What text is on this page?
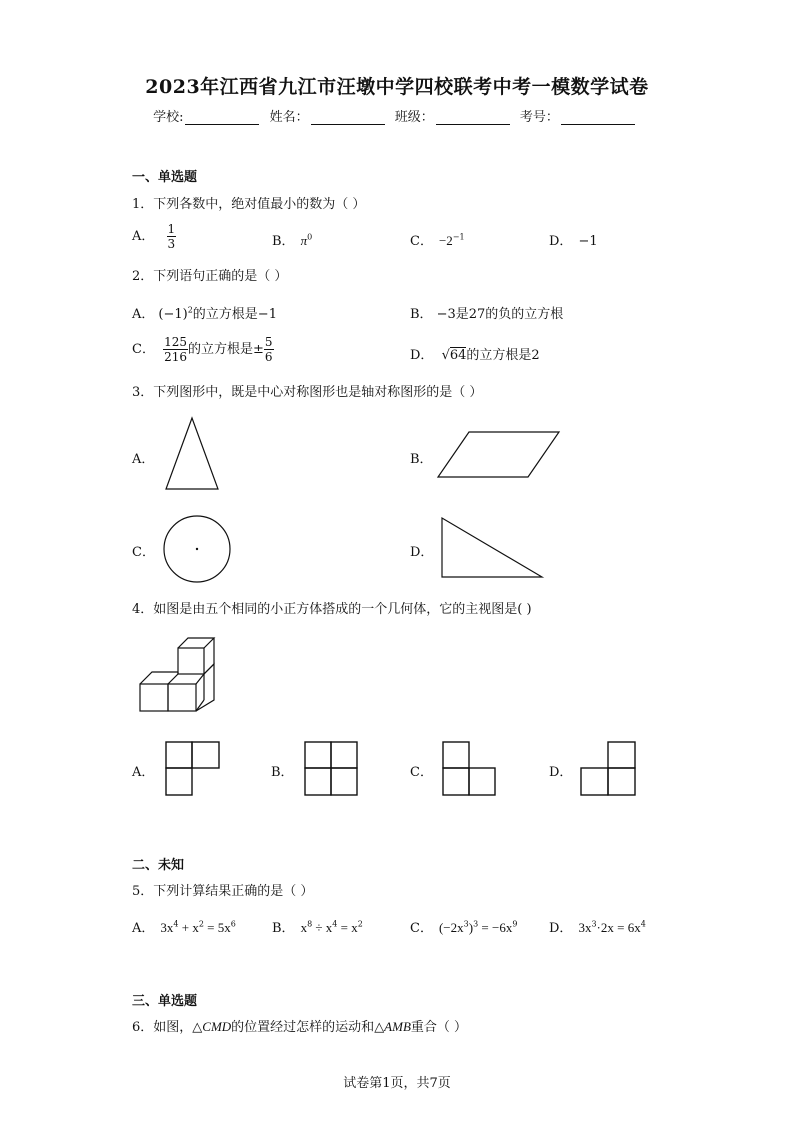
2023年江西省九江市汪墩中学四校联考中考一模数学试卷
学校:	姓名：	班级：	考号：
一、单选题
1．下列各数中，绝对值最小的数为（ ）
A． $\frac{1}{3}$	B． $\pi^0$	C． $-2^{-1}$	D． −1
2．下列语句正确的是（ ）
A． $(-1)^2$的立方根是−1	B． −3是27的负的立方根
C． $\frac{125}{216}$ 的立方根是± $\frac{5}{6}$	D． √64的立方根是2
3．下列图形中，既是中心对称图形也是轴对称图形的是（ ）
A．	B．
C．	D．
4．如图是由五个相同的小正方体搭成的一个几何体，它的主视图是( )
A．	B．	C．	D．
二、未知
5．下列计算结果正确的是（ ）
A． $3x^4 + x^2 = 5x^6$	B． $x^8 \div x^4 = x^2$	C． $(-2x^3)^3 = -6x^9$ D． $3x^3\cdot 2x = 6x^4$
三、单选题
6．如图，△CMD的位置经过怎样的运动和△AMB重合（ ）
试卷第1页，共7页
